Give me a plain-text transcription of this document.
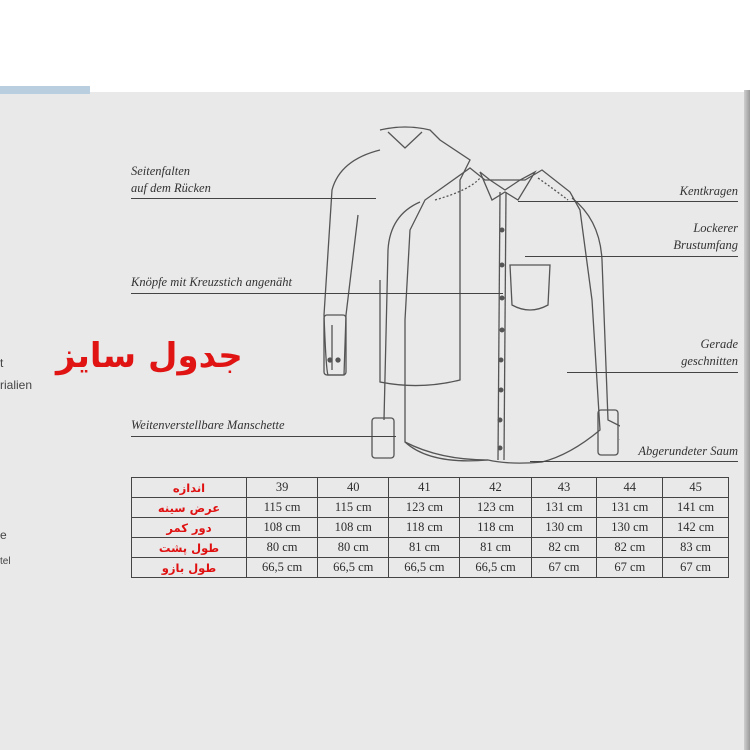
t
rialien
e
tel
Seitenfalten
auf dem Rücken
Knöpfe mit Kreuzstich angenäht
Weitenverstellbare Manschette
Kentkragen
Lockerer
Brustumfang
Gerade
geschnitten
Abgerundeter Saum
جدول سایز
اندازه	39	40	41	42	43	44	45
عرض سینه	115 cm	115 cm	123 cm	123 cm	131 cm	131 cm	141 cm
دور کمر	108 cm	108 cm	118 cm	118 cm	130 cm	130 cm	142 cm
طول پشت	80 cm	80 cm	81 cm	81 cm	82 cm	82 cm	83 cm
طول بازو	66,5 cm	66,5 cm	66,5 cm	66,5 cm	67 cm	67 cm	67 cm
